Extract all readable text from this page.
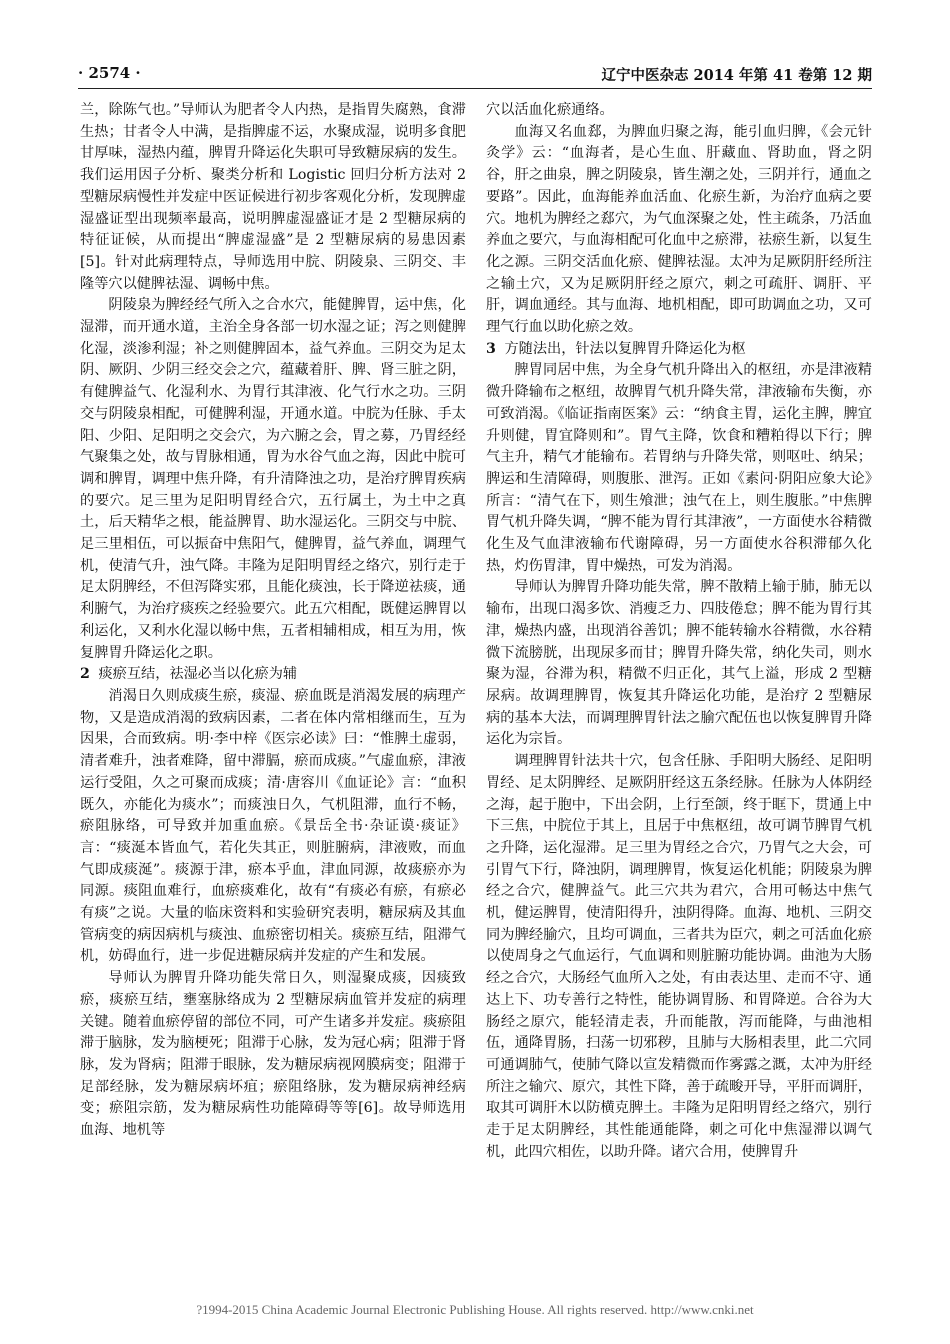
· 2574 ·	辽宁中医杂志 2014 年第 41 卷第 12 期

兰，除陈气也。”导师认为肥者令人内热，是指胃失腐熟，食滞生热；甘者令人中满，是指脾虚不运，水聚成湿，说明多食肥甘厚味，湿热内蕴，脾胃升降运化失职可导致糖尿病的发生。我们运用因子分析、聚类分析和 Logistic 回归分析方法对 2 型糖尿病慢性并发症中医证候进行初步客观化分析，发现脾虚湿盛证型出现频率最高，说明脾虚湿盛证才是 2 型糖尿病的特征证候，从而提出“脾虚湿盛”是 2 型糖尿病的易患因素[5]。针对此病理特点，导师选用中脘、阴陵泉、三阴交、丰隆等穴以健脾祛湿、调畅中焦。

阴陵泉为脾经经气所入之合水穴，能健脾胃，运中焦，化湿滞，而开通水道，主治全身各部一切水湿之证；泻之则健脾化湿，淡渗利湿；补之则健脾固本，益气养血。三阴交为足太阴、厥阴、少阴三经交会之穴，蕴藏着肝、脾、肾三脏之阴，有健脾益气、化湿利水、为胃行其津液、化气行水之功。三阴交与阴陵泉相配，可健脾利湿，开通水道。中脘为任脉、手太阳、少阳、足阳明之交会穴，为六腑之会，胃之募，乃胃经经气聚集之处，故与胃脉相通，胃为水谷气血之海，因此中脘可调和脾胃，调理中焦升降，有升清降浊之功，是治疗脾胃疾病的要穴。足三里为足阳明胃经合穴，五行属土，为土中之真土，后天精华之根，能益脾胃、助水湿运化。三阴交与中脘、足三里相伍，可以振奋中焦阳气，健脾胃，益气养血，调理气机，使清气升，浊气降。丰隆为足阳明胃经之络穴，别行走于足太阴脾经，不但泻降实邪，且能化痰浊，长于降逆祛痰，通利腑气，为治疗痰疾之经验要穴。此五穴相配，既健运脾胃以利运化，又利水化湿以畅中焦，五者相辅相成，相互为用，恢复脾胃升降运化之职。

2 痰瘀互结，祛湿必当以化瘀为辅

消渴日久则成痰生瘀，痰湿、瘀血既是消渴发展的病理产物，又是造成消渴的致病因素，二者在体内常相继而生，互为因果，合而致病。明·李中梓《医宗必读》曰：“惟脾土虚弱，清者难升，浊者难降，留中滞膈，瘀而成痰。”气虚血瘀，津液运行受阻，久之可聚而成痰；清·唐容川《血证论》言：“血积既久，亦能化为痰水”；而痰浊日久，气机阻滞，血行不畅，瘀阻脉络，可导致并加重血瘀。《景岳全书·杂证谟·痰证》言：“痰涎本皆血气，若化失其正，则脏腑病，津液败，而血气即成痰涎”。痰源于津，瘀本乎血，津血同源，故痰瘀亦为同源。痰阻血难行，血瘀痰难化，故有“有痰必有瘀，有瘀必有痰”之说。大量的临床资料和实验研究表明，糖尿病及其血管病变的病因病机与痰浊、血瘀密切相关。痰瘀互结，阻滞气机，妨碍血行，进一步促进糖尿病并发症的产生和发展。

导师认为脾胃升降功能失常日久，则湿聚成痰，因痰致瘀，痰瘀互结，壅塞脉络成为 2 型糖尿病血管并发症的病理关键。随着血瘀停留的部位不同，可产生诸多并发症。痰瘀阻滞于脑脉，发为脑梗死；阻滞于心脉，发为冠心病；阻滞于肾脉，发为肾病；阻滞于眼脉，发为糖尿病视网膜病变；阻滞于足部经脉，发为糖尿病坏疽；瘀阻络脉，发为糖尿病神经病变；瘀阻宗筋，发为糖尿病性功能障碍等等[6]。故导师选用血海、地机等

穴以活血化瘀通络。

血海又名血郄，为脾血归聚之海，能引血归脾，《会元针灸学》云：“血海者，是心生血、肝藏血、肾助血，肾之阴谷，肝之曲泉，脾之阴陵泉，皆生潮之处，三阴并行，通血之要路”。因此，血海能养血活血、化瘀生新，为治疗血病之要穴。地机为脾经之郄穴，为气血深聚之处，性主疏条，乃活血养血之要穴，与血海相配可化血中之瘀滞，祛瘀生新，以复生化之源。三阴交活血化瘀、健脾祛湿。太冲为足厥阴肝经所注之输土穴，又为足厥阴肝经之原穴，刺之可疏肝、调肝、平肝，调血通经。其与血海、地机相配，即可助调血之功，又可理气行血以助化瘀之效。

3 方随法出，针法以复脾胃升降运化为枢

脾胃同居中焦，为全身气机升降出入的枢纽，亦是津液精微升降输布之枢纽，故脾胃气机升降失常，津液输布失衡，亦可致消渴。《临证指南医案》云：“纳食主胃，运化主脾，脾宜升则健，胃宜降则和”。胃气主降，饮食和糟粕得以下行；脾气主升，精气才能输布。若胃纳与升降失常，则呕吐、纳呆；脾运和生清障碍，则腹胀、泄泻。正如《素问·阴阳应象大论》所言：“清气在下，则生飧泄；浊气在上，则生腹胀。”中焦脾胃气机升降失调，“脾不能为胃行其津液”，一方面使水谷精微化生及气血津液输布代谢障碍，另一方面使水谷积滞郁久化热，灼伤胃津，胃中燥热，可发为消渴。

导师认为脾胃升降功能失常，脾不散精上输于肺，肺无以输布，出现口渴多饮、消瘦乏力、四肢倦怠；脾不能为胃行其津，燥热内盛，出现消谷善饥；脾不能转输水谷精微，水谷精微下流膀胱，出现尿多而甘；脾胃升降失常，纳化失司，则水聚为湿，谷滞为积，精微不归正化，其气上溢，形成 2 型糖尿病。故调理脾胃，恢复其升降运化功能，是治疗 2 型糖尿病的基本大法，而调理脾胃针法之腧穴配伍也以恢复脾胃升降运化为宗旨。

调理脾胃针法共十穴，包含任脉、手阳明大肠经、足阳明胃经、足太阴脾经、足厥阴肝经这五条经脉。任脉为人体阴经之海，起于胞中，下出会阴，上行至颌，终于眶下，贯通上中下三焦，中脘位于其上，且居于中焦枢纽，故可调节脾胃气机之升降，运化湿滞。足三里为胃经之合穴，乃胃气之大会，可引胃气下行，降浊阴，调理脾胃，恢复运化机能；阴陵泉为脾经之合穴，健脾益气。此三穴共为君穴，合用可畅达中焦气机，健运脾胃，使清阳得升，浊阴得降。血海、地机、三阴交同为脾经腧穴，且均可调血，三者共为臣穴，刺之可活血化瘀以使周身之气血运行，气血调和则脏腑功能协调。曲池为大肠经之合穴，大肠经气血所入之处，有由表达里、走而不守、通达上下、功专善行之特性，能协调胃肠、和胃降逆。合谷为大肠经之原穴，能轻清走表，升而能散，泻而能降，与曲池相伍，通降胃肠，扫荡一切邪秽，且肺与大肠相表里，此二穴同可通调肺气，使肺气降以宣发精微而作雾露之溉，太冲为肝经所注之输穴、原穴，其性下降，善于疏畯开导，平肝而调肝，取其可调肝木以防横克脾土。丰隆为足阳明胃经之络穴，别行走于足太阴脾经，其性能通能降，刺之可化中焦湿滞以调气机，此四穴相佐，以助升降。诸穴合用，使脾胃升

?1994-2015 China Academic Journal Electronic Publishing House. All rights reserved. http://www.cnki.net
